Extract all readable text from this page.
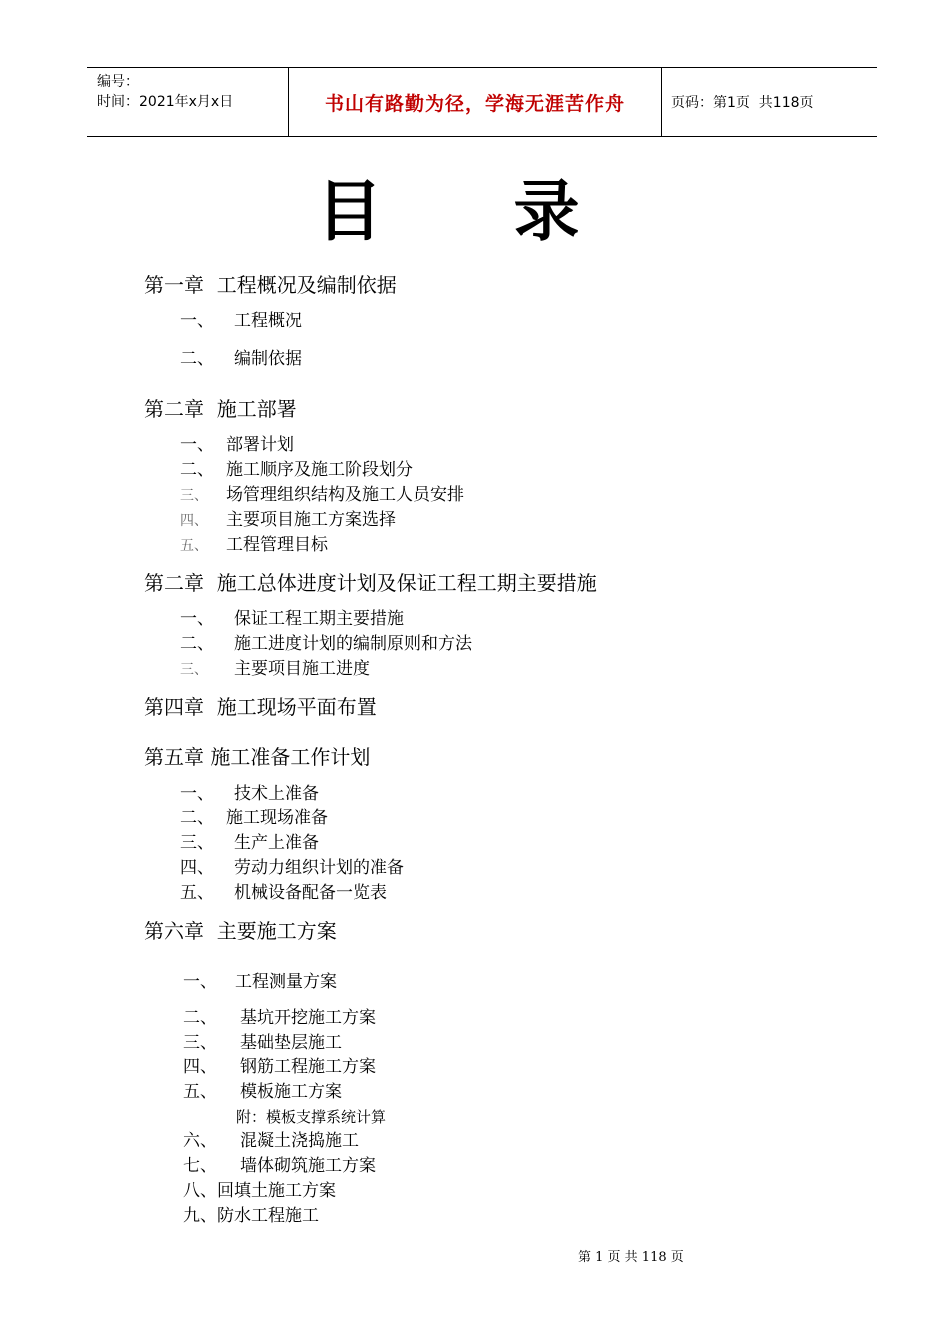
编号：
时间：2021年x月x日	书山有路勤为径，学海无涯苦作舟	页码：第1页  共118页
目 录
第一章  工程概况及编制依据
一、 工程概况
二、 编制依据
第二章  施工部署
一、 部署计划
二、 施工顺序及施工阶段划分
三、 场管理组织结构及施工人员安排
四、 主要项目施工方案选择
五、 工程管理目标
第二章  施工总体进度计划及保证工程工期主要措施
一、 保证工程工期主要措施
二、 施工进度计划的编制原则和方法
三、 主要项目施工进度
第四章  施工现场平面布置
第五章 施工准备工作计划
一、 技术上准备
二、 施工现场准备
三、 生产上准备
四、 劳动力组织计划的准备
五、 机械设备配备一览表
第六章  主要施工方案
一、 工程测量方案
二、 基坑开挖施工方案
三、 基础垫层施工
四、 钢筋工程施工方案
五、 模板施工方案
附：模板支撑系统计算
六、 混凝土浇捣施工
七、 墙体砌筑施工方案
八、回填土施工方案
九、防水工程施工
第 1 页 共 118 页
